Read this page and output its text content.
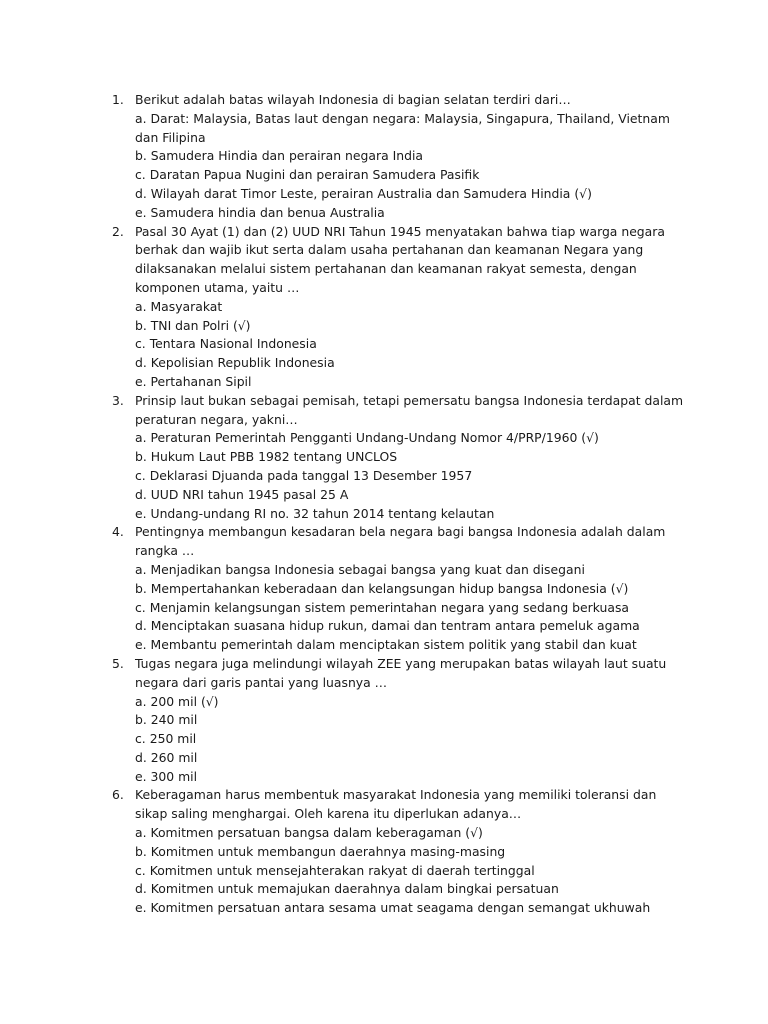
1. Berikut adalah batas wilayah Indonesia di bagian selatan terdiri dari…
a. Darat: Malaysia, Batas laut dengan negara: Malaysia, Singapura, Thailand, Vietnam dan Filipina
b. Samudera Hindia dan perairan negara India
c. Daratan Papua Nugini dan perairan Samudera Pasifik
d. Wilayah darat Timor Leste, perairan Australia dan Samudera Hindia (√)
e. Samudera hindia dan benua Australia
2. Pasal 30 Ayat (1) dan (2) UUD NRI Tahun 1945 menyatakan bahwa tiap warga negara berhak dan wajib ikut serta dalam usaha pertahanan dan keamanan Negara yang dilaksanakan melalui sistem pertahanan dan keamanan rakyat semesta, dengan komponen utama, yaitu …
a. Masyarakat
b. TNI dan Polri (√)
c. Tentara Nasional Indonesia
d. Kepolisian Republik Indonesia
e. Pertahanan Sipil
3. Prinsip laut bukan sebagai pemisah, tetapi pemersatu bangsa Indonesia terdapat dalam peraturan negara, yakni…
a. Peraturan Pemerintah Pengganti Undang-Undang Nomor 4/PRP/1960 (√)
b. Hukum Laut PBB 1982 tentang UNCLOS
c. Deklarasi Djuanda pada tanggal 13 Desember 1957
d. UUD NRI tahun 1945 pasal 25 A
e. Undang-undang RI no. 32 tahun 2014 tentang kelautan
4. Pentingnya membangun kesadaran bela negara bagi bangsa Indonesia adalah dalam rangka …
a. Menjadikan bangsa Indonesia sebagai bangsa yang kuat dan disegani
b. Mempertahankan keberadaan dan kelangsungan hidup bangsa Indonesia (√)
c. Menjamin kelangsungan sistem pemerintahan negara yang sedang berkuasa
d. Menciptakan suasana hidup rukun, damai dan tentram antara pemeluk agama
e. Membantu pemerintah dalam menciptakan sistem politik yang stabil dan kuat
5. Tugas negara juga melindungi wilayah ZEE yang merupakan batas wilayah laut suatu negara dari garis pantai yang luasnya …
a. 200 mil (√)
b. 240 mil
c. 250 mil
d. 260 mil
e. 300 mil
6. Keberagaman harus membentuk masyarakat Indonesia yang memiliki toleransi dan sikap saling menghargai. Oleh karena itu diperlukan adanya…
a. Komitmen persatuan bangsa dalam keberagaman (√)
b. Komitmen untuk membangun daerahnya masing-masing
c. Komitmen untuk mensejahterakan rakyat di daerah tertinggal
d. Komitmen untuk memajukan daerahnya dalam bingkai persatuan
e. Komitmen persatuan antara sesama umat seagama dengan semangat ukhuwah
